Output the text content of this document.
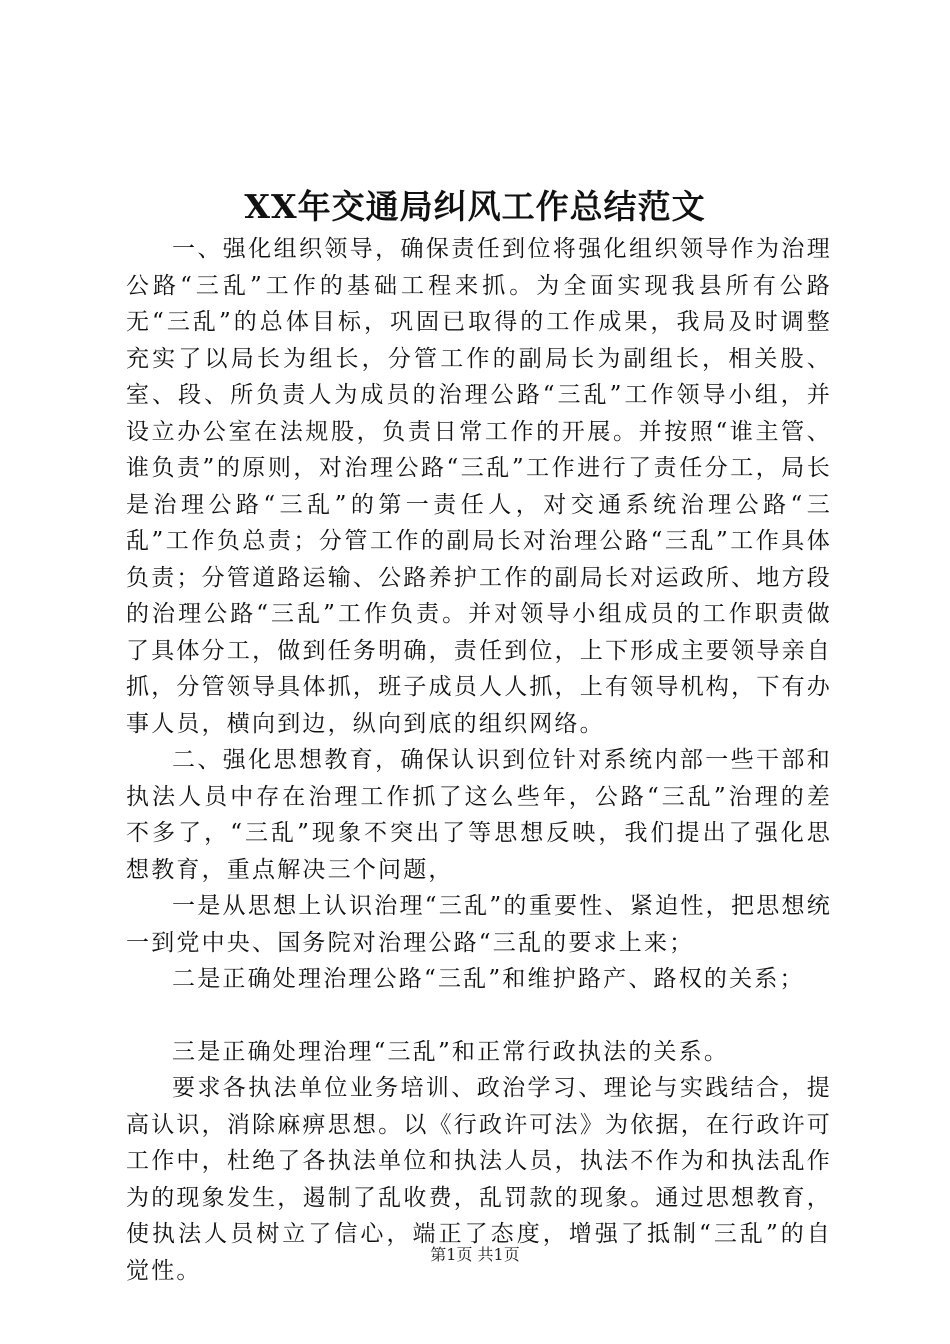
XX年交通局纠风工作总结范文

一、强化组织领导，确保责任到位将强化组织领导作为治理公路“三乱”工作的基础工程来抓。为全面实现我县所有公路无“三乱”的总体目标，巩固已取得的工作成果，我局及时调整充实了以局长为组长，分管工作的副局长为副组长，相关股、室、段、所负责人为成员的治理公路“三乱”工作领导小组，并设立办公室在法规股，负责日常工作的开展。并按照“谁主管、谁负责”的原则，对治理公路“三乱”工作进行了责任分工，局长是治理公路“三乱”的第一责任人，对交通系统治理公路“三乱”工作负总责；分管工作的副局长对治理公路“三乱”工作具体负责；分管道路运输、公路养护工作的副局长对运政所、地方段的治理公路“三乱”工作负责。并对领导小组成员的工作职责做了具体分工，做到任务明确，责任到位，上下形成主要领导亲自抓，分管领导具体抓，班子成员人人抓，上有领导机构，下有办事人员，横向到边，纵向到底的组织网络。

二、强化思想教育，确保认识到位针对系统内部一些干部和执法人员中存在治理工作抓了这么些年，公路“三乱”治理的差不多了，“三乱”现象不突出了等思想反映，我们提出了强化思想教育，重点解决三个问题，

一是从思想上认识治理“三乱”的重要性、紧迫性，把思想统一到党中央、国务院对治理公路“三乱的要求上来；

二是正确处理治理公路“三乱”和维护路产、路权的关系；

三是正确处理治理“三乱”和正常行政执法的关系。

要求各执法单位业务培训、政治学习、理论与实践结合，提高认识，消除麻痹思想。以《行政许可法》为依据，在行政许可工作中，杜绝了各执法单位和执法人员，执法不作为和执法乱作为的现象发生，遏制了乱收费，乱罚款的现象。通过思想教育，使执法人员树立了信心，端正了态度，增强了抵制“三乱”的自觉性。

第1页 共1页
